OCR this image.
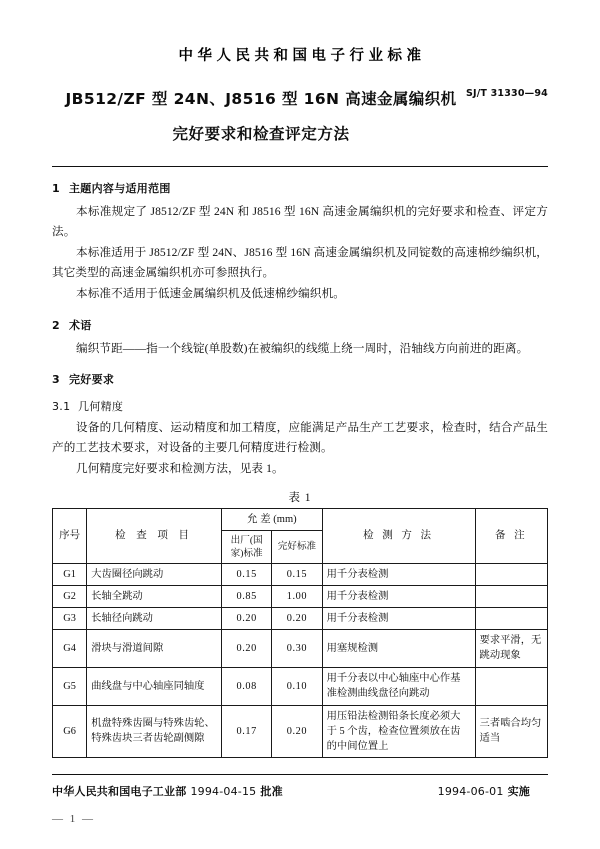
中华人民共和国电子行业标准
SJ/T 31330—94
JB512/ZF 型 24N、J8516 型 16N 高速金属编织机
完好要求和检查评定方法
1 主题内容与适用范围

本标准规定了 J8512/ZF 型 24N 和 J8516 型 16N 高速金属编织机的完好要求和检查、评定方法。

本标准适用于 J8512/ZF 型 24N、J8516 型 16N 高速金属编织机及同锭数的高速棉纱编织机，其它类型的高速金属编织机亦可参照执行。

本标准不适用于低速金属编织机及低速棉纱编织机。

2 术语

编织节距——指一个线锭(单股数)在被编织的线缆上绕一周时，沿轴线方向前进的距离。

3 完好要求
3.1 几何精度

设备的几何精度、运动精度和加工精度，应能满足产品生产工艺要求，检查时，结合产品生产的工艺技术要求，对设备的主要几何精度进行检测。

几何精度完好要求和检测方法，见表 1。

表 1
序号	检 查 项 目	允 差 (mm)		检 测 方 法	备 注
		出厂(国家)标准	完好标准		
G1	大齿圈径向跳动	0.15	0.15	用千分表检测	
G2	长轴全跳动	0.85	1.00	用千分表检测	
G3	长轴径向跳动	0.20	0.20	用千分表检测	
G4	滑块与滑道间隙	0.20	0.30	用塞规检测	要求平滑，无跳动现象
G5	曲线盘与中心轴座同轴度	0.08	0.10	用千分表以中心轴座中心作基准检测曲线盘径向跳动	
G6	机盘特殊齿圈与特殊齿轮、特殊齿块三者齿轮副侧隙	0.17	0.20	用压铅法检测铅条长度必须大于 5 个齿，检查位置须放在齿的中间位置上	三者啮合均匀适当
中华人民共和国电子工业部 1994-04-15 批准	1994-06-01 实施
— 1 —
